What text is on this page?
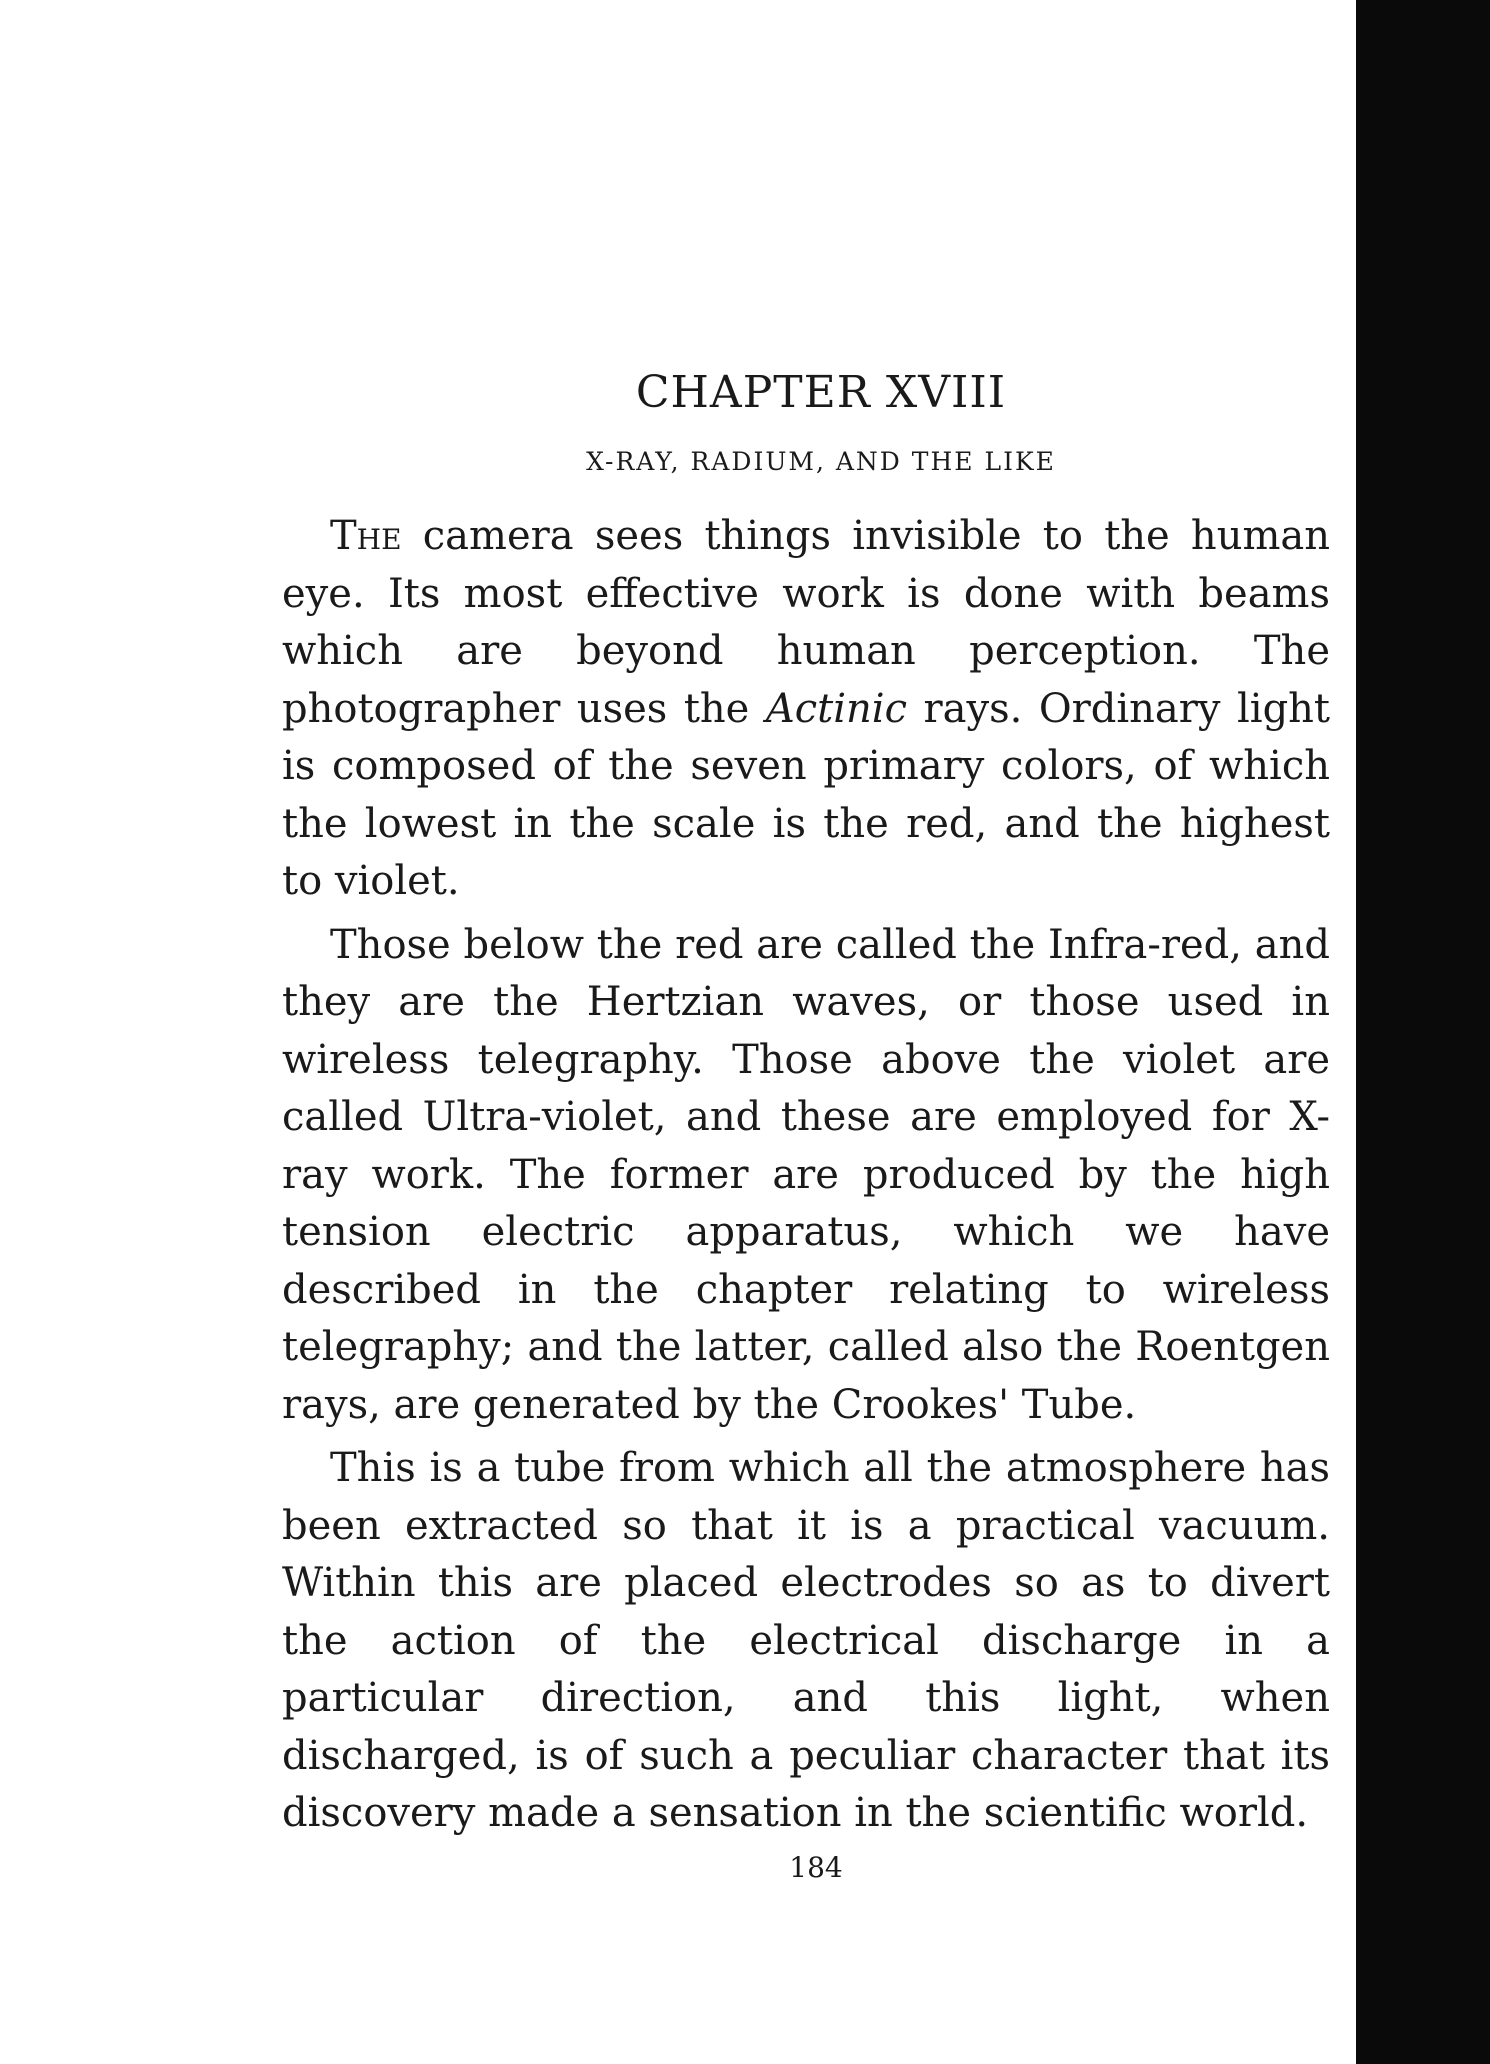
CHAPTER XVIII
X-RAY, RADIUM, AND THE LIKE

The camera sees things invisible to the human eye. Its most effective work is done with beams which are beyond human perception. The photographer uses the Actinic rays. Ordinary light is composed of the seven primary colors, of which the lowest in the scale is the red, and the highest to violet.

Those below the red are called the Infra-red, and they are the Hertzian waves, or those used in wireless telegraphy. Those above the violet are called Ultra-violet, and these are employed for X-ray work. The former are produced by the high tension electric apparatus, which we have described in the chapter relating to wireless telegraphy; and the latter, called also the Roentgen rays, are generated by the Crookes' Tube.

This is a tube from which all the atmosphere has been extracted so that it is a practical vacuum. Within this are placed electrodes so as to divert the action of the electrical discharge in a particular direction, and this light, when discharged, is of such a peculiar character that its discovery made a sensation in the scientific world.

184
